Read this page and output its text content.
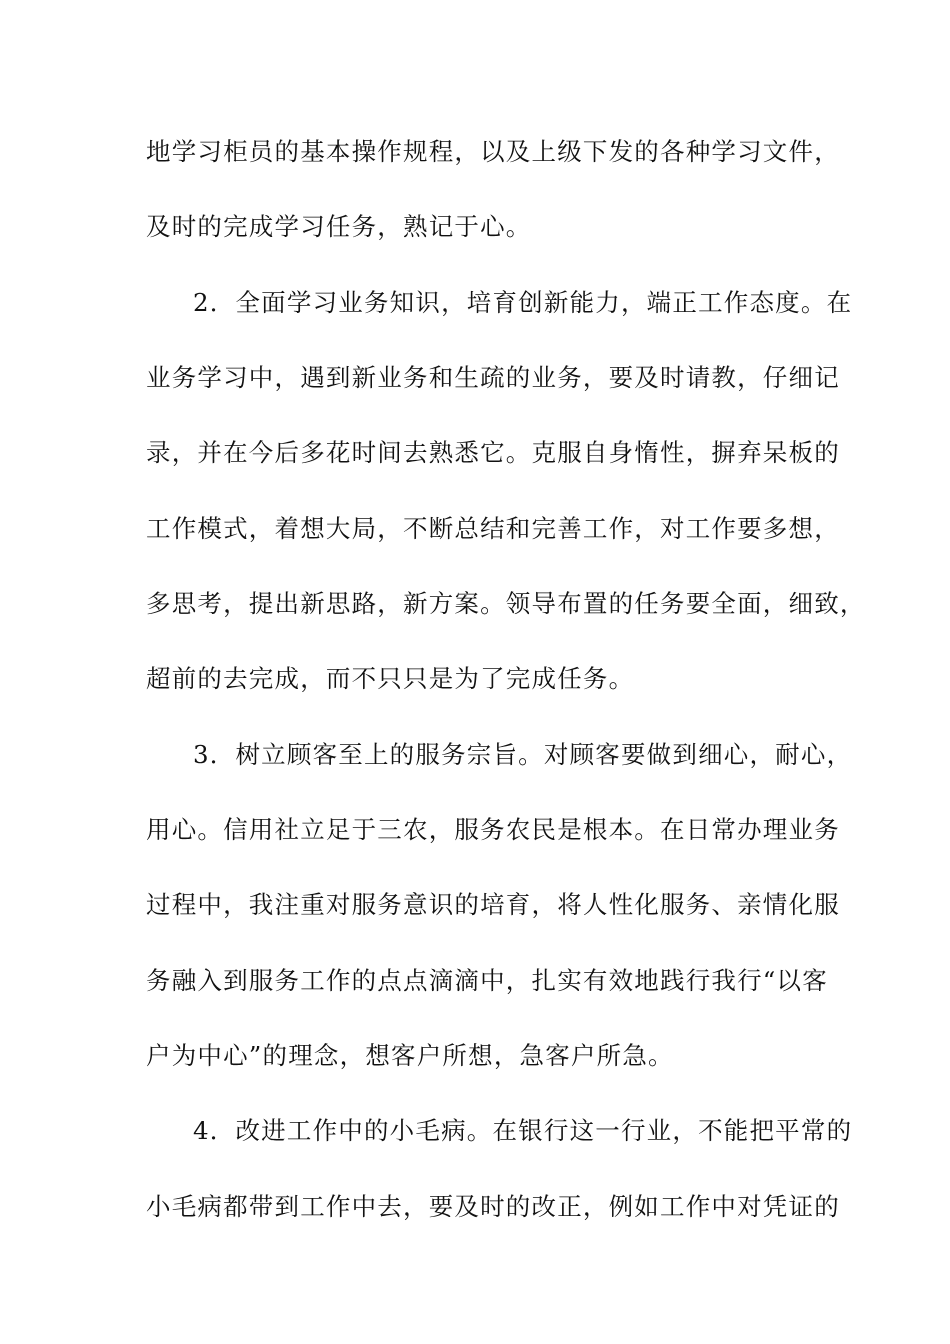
地学习柜员的基本操作规程，以及上级下发的各种学习文件，
及时的完成学习任务，熟记于心。
2．全面学习业务知识，培育创新能力，端正工作态度。在
业务学习中，遇到新业务和生疏的业务，要及时请教，仔细记
录，并在今后多花时间去熟悉它。克服自身惰性，摒弃呆板的
工作模式，着想大局，不断总结和完善工作，对工作要多想，
多思考，提出新思路，新方案。领导布置的任务要全面，细致，
超前的去完成，而不只只是为了完成任务。
3．树立顾客至上的服务宗旨。对顾客要做到细心，耐心，
用心。信用社立足于三农，服务农民是根本。在日常办理业务
过程中，我注重对服务意识的培育，将人性化服务、亲情化服
务融入到服务工作的点点滴滴中，扎实有效地践行我行“以客
户为中心”的理念，想客户所想，急客户所急。
4．改进工作中的小毛病。在银行这一行业，不能把平常的
小毛病都带到工作中去，要及时的改正，例如工作中对凭证的
